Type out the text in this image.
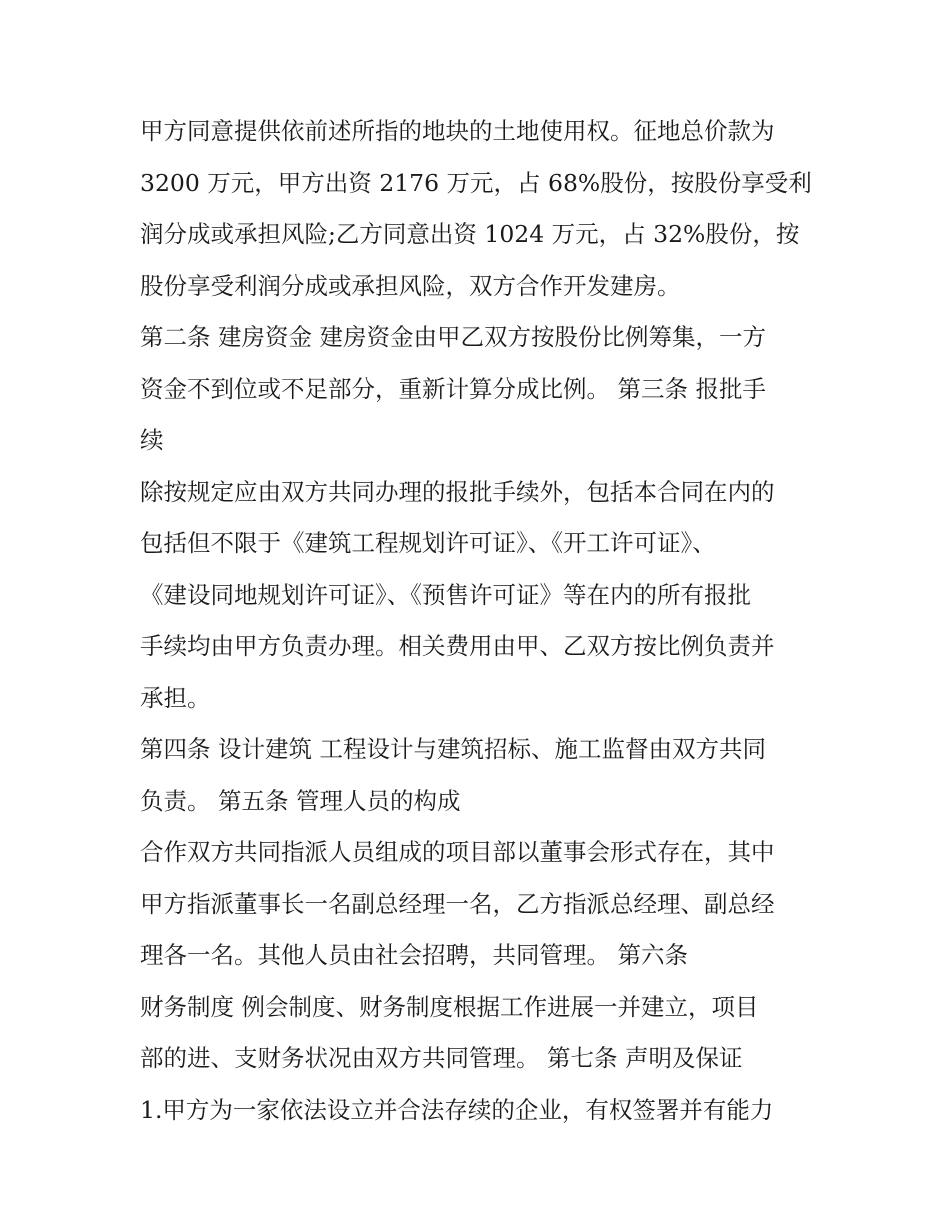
甲方同意提供依前述所指的地块的土地使用权。征地总价款为
3200 万元，甲方出资 2176 万元，占 68%股份，按股份享受利
润分成或承担风险;乙方同意出资 1024 万元，占 32%股份，按
股份享受利润分成或承担风险，双方合作开发建房。
第二条 建房资金 建房资金由甲乙双方按股份比例筹集，一方
资金不到位或不足部分，重新计算分成比例。 第三条 报批手
续
除按规定应由双方共同办理的报批手续外，包括本合同在内的
包括但不限于《建筑工程规划许可证》、《开工许可证》、
《建设同地规划许可证》、《预售许可证》等在内的所有报批
手续均由甲方负责办理。相关费用由甲、乙双方按比例负责并
承担。
第四条 设计建筑 工程设计与建筑招标、施工监督由双方共同
负责。 第五条 管理人员的构成
合作双方共同指派人员组成的项目部以董事会形式存在，其中
甲方指派董事长一名副总经理一名，乙方指派总经理、副总经
理各一名。其他人员由社会招聘，共同管理。 第六条
财务制度 例会制度、财务制度根据工作进展一并建立，项目
部的进、支财务状况由双方共同管理。 第七条 声明及保证
1.甲方为一家依法设立并合法存续的企业，有权签署并有能力
